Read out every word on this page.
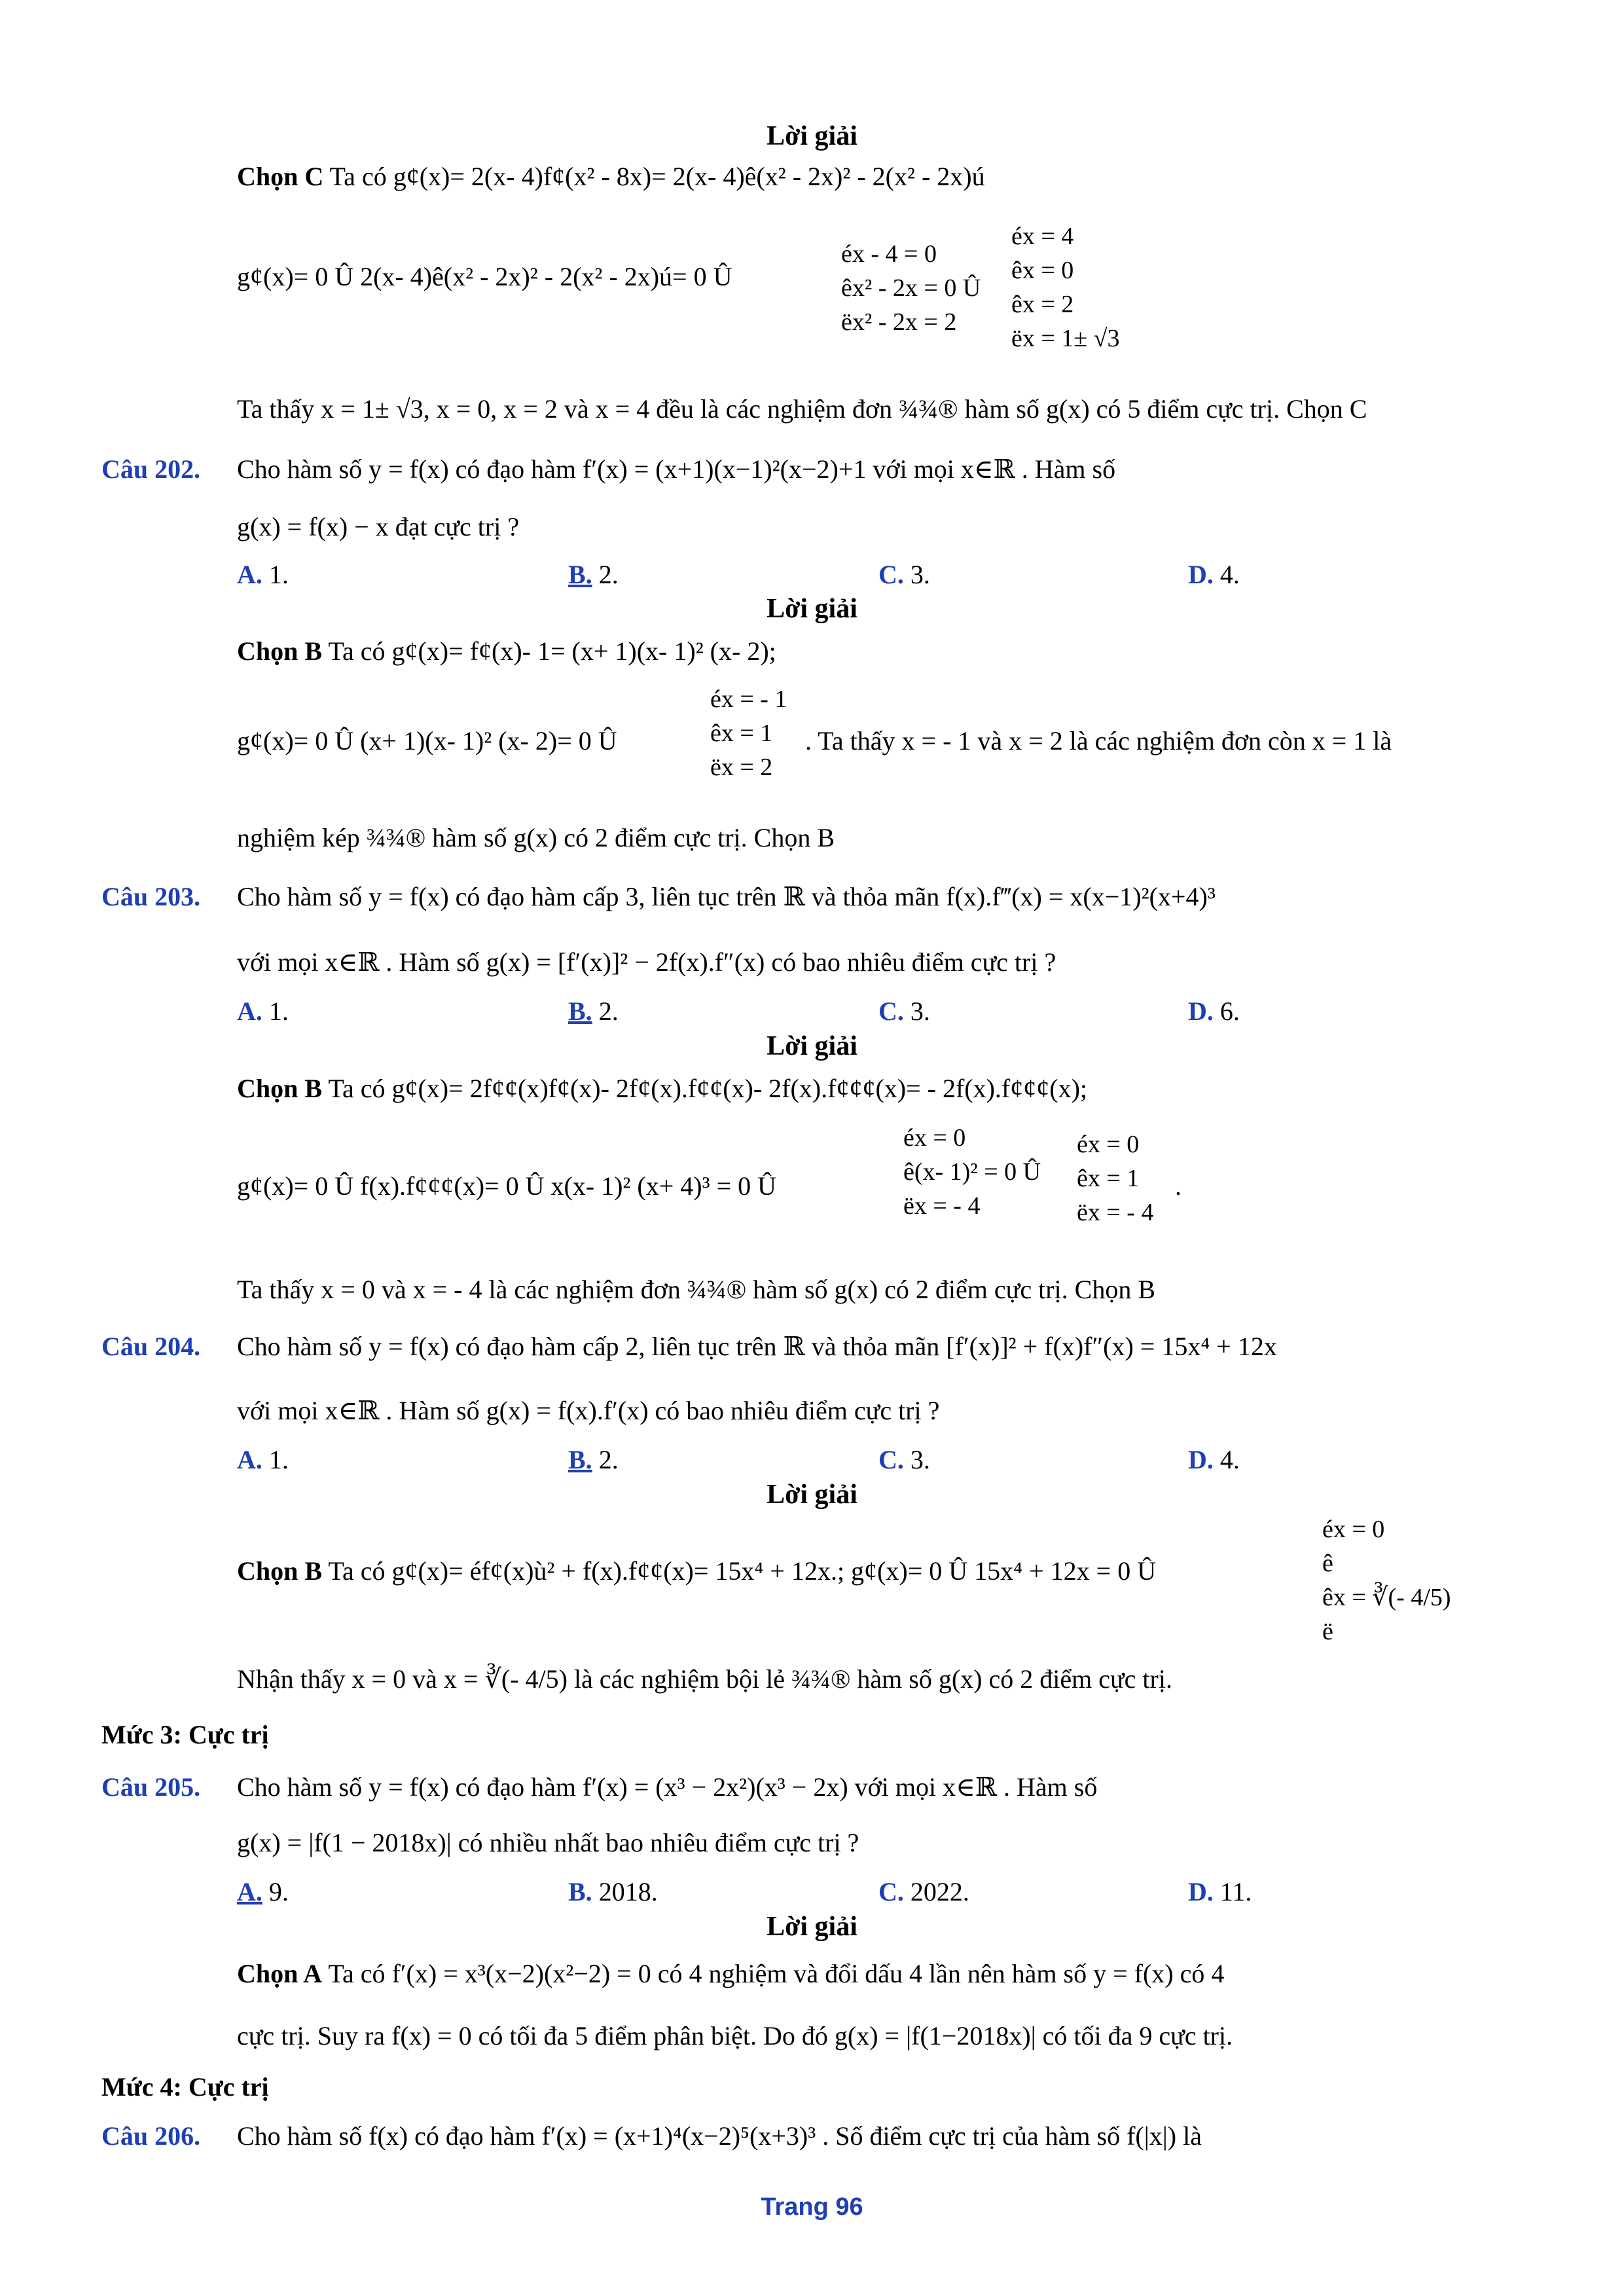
Lời giải
Chọn C Ta có g¢(x)= 2(x- 4)f¢(x² - 8x)= 2(x- 4)ê(x² - 2x)² - 2(x² - 2x)ú
g¢(x)= 0 Û 2(x- 4)ê(x² - 2x)² - 2(x² - 2x)ú= 0 Û
éx - 4 = 0
êx² - 2x = 0 Û
ëx² - 2x = 2
éx = 4
êx = 0
êx = 2
ëx = 1± √3
Ta thấy x = 1± √3, x = 0, x = 2 và x = 4 đều là các nghiệm đơn ¾¾® hàm số g(x) có 5 điểm cực trị. Chọn C
Câu 202. Cho hàm số y = f(x) có đạo hàm f′(x) = (x+1)(x−1)²(x−2)+1 với mọi x∈ℝ . Hàm số
g(x) = f(x) − x đạt cực trị ?
A. 1.	B. 2.	C. 3.	D. 4.
Lời giải
Chọn B Ta có g¢(x)= f¢(x)- 1= (x+ 1)(x- 1)² (x- 2);
g¢(x)= 0 Û (x+ 1)(x- 1)² (x- 2)= 0 Û
éx = - 1
êx = 1
ëx = 2
. Ta thấy x = - 1 và x = 2 là các nghiệm đơn còn x = 1 là
nghiệm kép ¾¾® hàm số g(x) có 2 điểm cực trị. Chọn B
Câu 203. Cho hàm số y = f(x) có đạo hàm cấp 3, liên tục trên ℝ và thỏa mãn f(x).f‴(x) = x(x−1)²(x+4)³
với mọi x∈ℝ . Hàm số g(x) = [f′(x)]² − 2f(x).f″(x) có bao nhiêu điểm cực trị ?
A. 1.	B. 2.	C. 3.	D. 6.
Lời giải
Chọn B Ta có g¢(x)= 2f¢¢(x)f¢(x)- 2f¢(x).f¢¢(x)- 2f(x).f¢¢¢(x)= - 2f(x).f¢¢¢(x);
g¢(x)= 0 Û f(x).f¢¢¢(x)= 0 Û x(x- 1)² (x+ 4)³ = 0 Û
éx = 0
ê(x- 1)² = 0 Û
ëx = - 4
éx = 0
êx = 1
ëx = - 4
.
Ta thấy x = 0 và x = - 4 là các nghiệm đơn ¾¾® hàm số g(x) có 2 điểm cực trị. Chọn B
Câu 204. Cho hàm số y = f(x) có đạo hàm cấp 2, liên tục trên ℝ và thỏa mãn [f′(x)]² + f(x)f″(x) = 15x⁴ + 12x
với mọi x∈ℝ . Hàm số g(x) = f(x).f′(x) có bao nhiêu điểm cực trị ?
A. 1.	B. 2.	C. 3.	D. 4.
Lời giải
Chọn B Ta có g¢(x)= éf¢(x)ù² + f(x).f¢¢(x)= 15x⁴ + 12x.; g¢(x)= 0 Û 15x⁴ + 12x = 0 Û
éx = 0
ê
êx = ∛(- 4/5)
ë
Nhận thấy x = 0 và x = ∛(- 4/5) là các nghiệm bội lẻ ¾¾® hàm số g(x) có 2 điểm cực trị.
Mức 3: Cực trị
Câu 205. Cho hàm số y = f(x) có đạo hàm f′(x) = (x³ − 2x²)(x³ − 2x) với mọi x∈ℝ . Hàm số
g(x) = |f(1 − 2018x)| có nhiều nhất bao nhiêu điểm cực trị ?
A. 9.	B. 2018.	C. 2022.	D. 11.
Lời giải
Chọn A Ta có f′(x) = x³(x−2)(x²−2) = 0 có 4 nghiệm và đổi dấu 4 lần nên hàm số y = f(x) có 4
cực trị. Suy ra f(x) = 0 có tối đa 5 điểm phân biệt. Do đó g(x) = |f(1−2018x)| có tối đa 9 cực trị.
Mức 4: Cực trị
Câu 206. Cho hàm số f(x) có đạo hàm f′(x) = (x+1)⁴(x−2)⁵(x+3)³ . Số điểm cực trị của hàm số f(|x|) là
Trang 96
